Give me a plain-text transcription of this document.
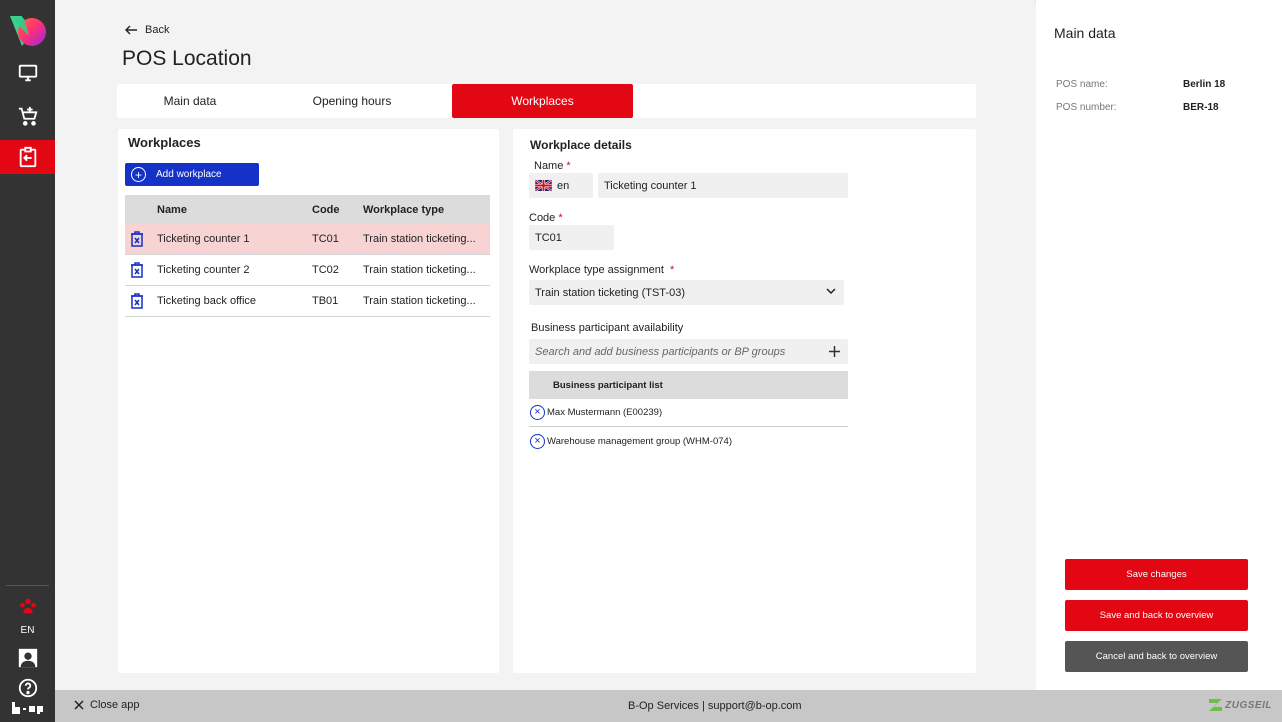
EN
Back
POS Location
Main data	Opening hours	Workplaces
Workplaces
+	Add workplace
Name	Code Workplace type
Ticketing counter 1	TC01 Train station ticketing...
Ticketing counter 2	TC02 Train station ticketing...
Ticketing back office	TB01 Train station ticketing...
Workplace details
Name *
en	Ticketing counter 1
Code *
TC01
Workplace type assignment *
Train station ticketing (TST-03)
Business participant availability
Search and add business participants or BP groups
Business participant list
× Max Mustermann (E00239)
× Warehouse management group (WHM-074)
Main data
POS name:	Berlin 18
POS number:	BER-18
Save changes
Save and back to overview
Cancel and back to overview
Close app	B-Op Services | support@b-op.com	ZUGSEIL
